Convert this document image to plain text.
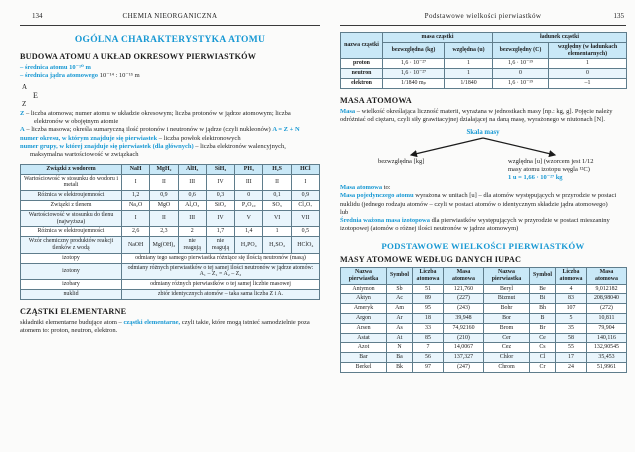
134	CHEMIA NIEORGANICZNA
OGÓLNA CHARAKTERYSTYKA ATOMU
BUDOWA ATOMU A UKŁAD OKRESOWY PIERWIASTKÓW
– średnica atomu 10⁻¹⁰ m
– średnica jądra atomowego 10⁻¹⁴ : 10⁻¹⁵ m
A
E
Z

Z – liczba atomowa; numer atomu w układzie okresowym; liczba protonów w jądrze atomowym; liczba elektronów w obojętnym atomie

A – liczba masowa; określa sumaryczną ilość protonów i neutronów w jądrze (czyli nukleonów) A = Z + N

numer okresu, w którym znajduje się pierwiastek – liczba powłok elektronowych

numer grupy, w której znajduje się pierwiastek (dla głównych) – liczba elektronów walencyjnych, maksymalna wartościowość w związkach

Związki z wodorem	NaH	MgH₂	AlH₃	SiH₄	PH₃	H₂S	HCl
Wartościowość w stosunku do wodoru i metali	I	II	III	IV	III	II	I
Różnica w elektroujemności	1,2	0,9	0,6	0,3	0	0,1	0,9
Związki z tlenem	Na₂O	MgO	Al₂O₃	SiO₂	P₄O₁₀	SO₃	Cl₂O₇
Wartościowość w stosunku do tlenu (najwyższa)	I	II	III	IV	V	VI	VII
Różnica w elektroujemności	2,6	2,3	2	1,7	1,4	1	0,5
Wzór chemiczny produktów reakcji tlenków z wodą	NaOH	Mg(OH)₂	nie reagują	nie reagują	H₃PO₄	H₂SO₄	HClO₄
izotopy	odmiany tego samego pierwiastka różniące się ilością neutronów (masą)						
izotony	odmiany różnych pierwiastków o tej samej ilości neutronów w jądrze atomów: A₁ – Z₁ = A₂ – Z₂						
izobary	odmiany różnych pierwiastków o tej samej liczbie masowej						
nuklid	zbiór identycznych atomów – taka sama liczba Z i A.						
CZĄSTKI ELEMENTARNE

składniki elementarne budujące atom – cząstki elementarne, czyli takie, które mogą istnieć samodzielnie poza atomem to: proton, neutron, elektron.

Podstawowe wielkości pierwiastków	135
nazwa cząstki	masa cząstki		ładunek cząstki	
	bezwzględna (kg)	względna (u)	bezwzględny (C)	względny (w ładunkach elementarnych)
proton	1,6 · 10⁻²⁷	1	1,6 · 10⁻¹⁹	1
neutron	1,6 · 10⁻²⁷	1	0	0
elektron	1/1840 mₚ	1/1840	1,6 · 10⁻¹⁹	–1
MASA ATOMOWA

Masa – wielkość określająca liczność materii, wyrażana w jednostkach masy [np.: kg, g]. Pojęcie należy odróżniać od ciężaru, czyli siły grawitacyjnej działającej na daną masę, wyrażonego w niutonach [N].

Skala masy
bezwzględna [kg]	względna [u] (wzorcem jest 1/12
masy atomu izotopu węgla ¹²C)
1 u = 1,66 · 10⁻²⁷ kg

Masa atomowa to:

Masa pojedynczego atomu wyrażona w unitach [u] – dla atomów występujących w przyrodzie w postaci nuklidu (jednego rodzaju atomów – czyli w postaci atomów o identycznym składzie jądra atomowego)

lub

Średnia ważona masa izotopowa dla pierwiastków występujących w przyrodzie w postaci mieszaniny izotopowej (atomów o różnej ilości neutronów w jądrze atomowym)

PODSTAWOWE WIELKOŚCI PIERWIASTKÓW
MASY ATOMOWE WEDŁUG DANYCH IUPAC
Nazwa pierwiastka	Symbol	Liczba atomowa	Masa atomowa	Nazwa pierwiastka	Symbol	Liczba atomowa	Masa atomowa
Antymon	Sb	51	121,760	Beryl	Be	4	9,012182
Aktyn	Ac	89	(227)	Bizmut	Bi	83	208,98040
Ameryk	Am	95	(243)	Bohr	Bh	107	(272)
Argon	Ar	18	39,948	Bor	B	5	10,811
Arsen	As	33	74,92160	Brom	Br	35	79,904
Astat	At	85	(210)	Cer	Ce	58	140,116
Azot	N	7	14,0067	Cez	Cs	55	132,90545
Bar	Ba	56	137,327	Chlor	Cl	17	35,453
Berkel	Bk	97	(247)	Chrom	Cr	24	51,9961
